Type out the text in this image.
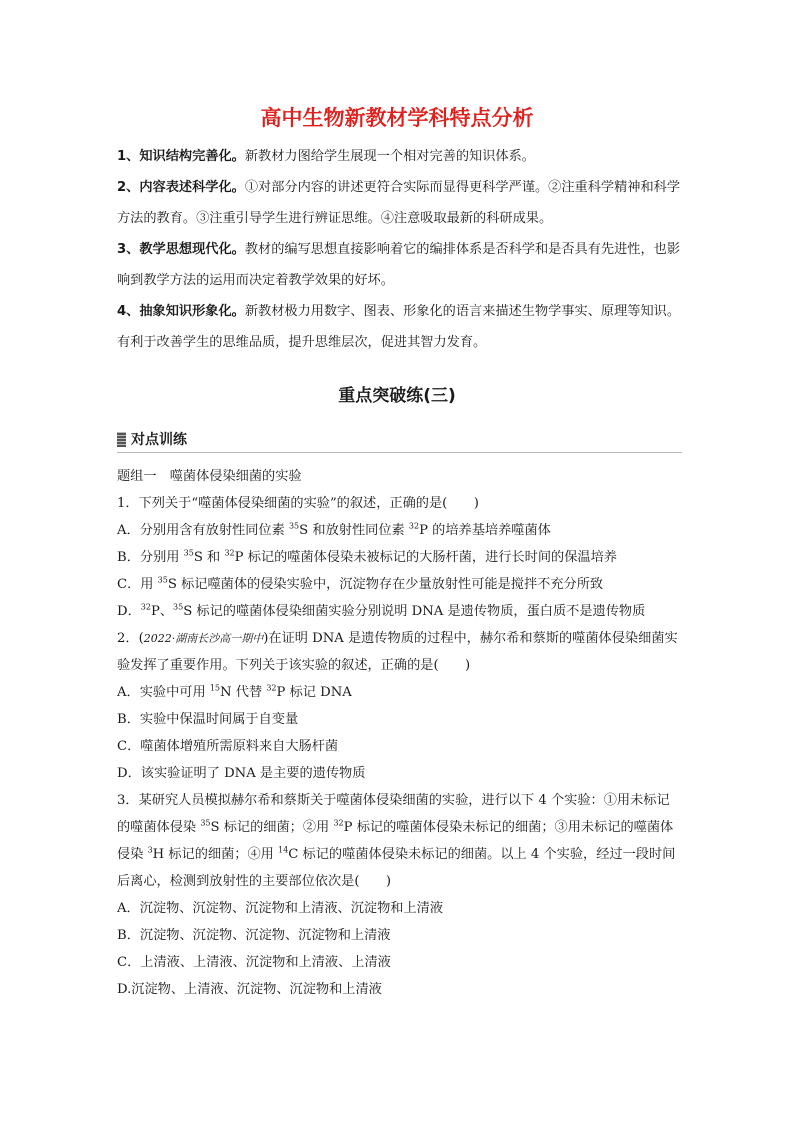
高中生物新教材学科特点分析

1、知识结构完善化。新教材力图给学生展现一个相对完善的知识体系。

2、内容表述科学化。①对部分内容的讲述更符合实际而显得更科学严谨。②注重科学精神和科学方法的教育。③注重引导学生进行辨证思维。④注意吸取最新的科研成果。

3、教学思想现代化。教材的编写思想直接影响着它的编排体系是否科学和是否具有先进性，也影响到教学方法的运用而决定着教学效果的好坏。

4、抽象知识形象化。新教材极力用数字、图表、形象化的语言来描述生物学事实、原理等知识。有利于改善学生的思维品质，提升思维层次，促进其智力发育。

重点突破练(三)
对点训练

题组一　噬菌体侵染细菌的实验

1．下列关于“噬菌体侵染细菌的实验”的叙述，正确的是(　　)

A．分别用含有放射性同位素 $^{35}$S 和放射性同位素 $^{32}$P 的培养基培养噬菌体

B．分别用 $^{35}$S 和 $^{32}$P 标记的噬菌体侵染未被标记的大肠杆菌，进行长时间的保温培养

C．用 $^{35}$S 标记噬菌体的侵染实验中，沉淀物存在少量放射性可能是搅拌不充分所致

D．$^{32}$P、$^{35}$S 标记的噬菌体侵染细菌实验分别说明 DNA 是遗传物质，蛋白质不是遗传物质

2．(2022·湖南长沙高一期中)在证明 DNA 是遗传物质的过程中，赫尔希和蔡斯的噬菌体侵染细菌实验发挥了重要作用。下列关于该实验的叙述，正确的是(　　)

A．实验中可用 $^{15}$N 代替 $^{32}$P 标记 DNA

B．实验中保温时间属于自变量

C．噬菌体增殖所需原料来自大肠杆菌

D．该实验证明了 DNA 是主要的遗传物质

3．某研究人员模拟赫尔希和蔡斯关于噬菌体侵染细菌的实验，进行以下 4 个实验：①用未标记的噬菌体侵染 $^{35}$S 标记的细菌；②用 $^{32}$P 标记的噬菌体侵染未标记的细菌；③用未标记的噬菌体侵染 $^3$H 标记的细菌；④用 $^{14}$C 标记的噬菌体侵染未标记的细菌。以上 4 个实验，经过一段时间后离心，检测到放射性的主要部位依次是(　　)

A．沉淀物、沉淀物、沉淀物和上清液、沉淀物和上清液

B．沉淀物、沉淀物、沉淀物、沉淀物和上清液

C．上清液、上清液、沉淀物和上清液、上清液

D.沉淀物、上清液、沉淀物、沉淀物和上清液
